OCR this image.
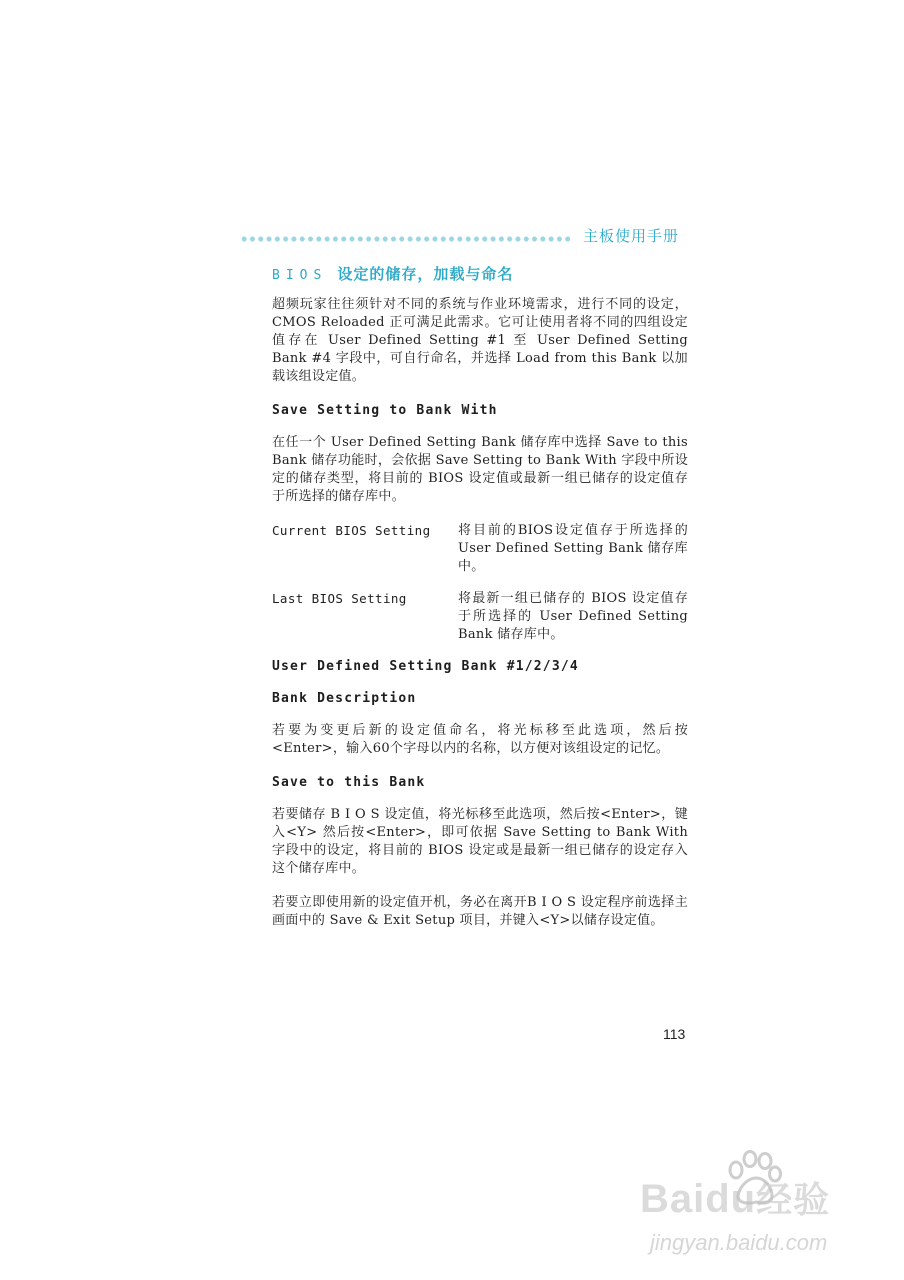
主板使用手册
BIOS 设定的储存，加载与命名

超频玩家往往须针对不同的系统与作业环境需求，进行不同的设定，CMOS Reloaded 正可满足此需求。它可让使用者将不同的四组设定值存在 User Defined Setting #1 至 User Defined Setting Bank #4 字段中，可自行命名，并选择 Load from this Bank 以加载该组设定值。

Save Setting to Bank With

在任一个 User Defined Setting Bank 储存库中选择 Save to this Bank 储存功能时，会依据 Save Setting to Bank With 字段中所设定的储存类型，将目前的 BIOS 设定值或最新一组已储存的设定值存于所选择的储存库中。

Current BIOS Setting	将目前的BIOS设定值存于所选择的 User Defined Setting Bank 储存库中。
Last BIOS Setting	将最新一组已储存的 BIOS 设定值存于所选择的 User Defined Setting Bank 储存库中。
User Defined Setting Bank #1/2/3/4
Bank Description

若要为变更后新的设定值命名，将光标移至此选项，然后按 <Enter>，输入60个字母以内的名称，以方便对该组设定的记忆。

Save to this Bank

若要储存 B I O S 设定值，将光标移至此选项，然后按<Enter>，键入<Y> 然后按<Enter>，即可依据 Save Setting to Bank With 字段中的设定，将目前的 BIOS 设定或是最新一组已储存的设定存入这个储存库中。

若要立即使用新的设定值开机，务必在离开B I O S 设定程序前选择主画面中的 Save & Exit Setup 项目，并键入<Y>以储存设定值。

113
Baidu经验
jingyan.baidu.com
